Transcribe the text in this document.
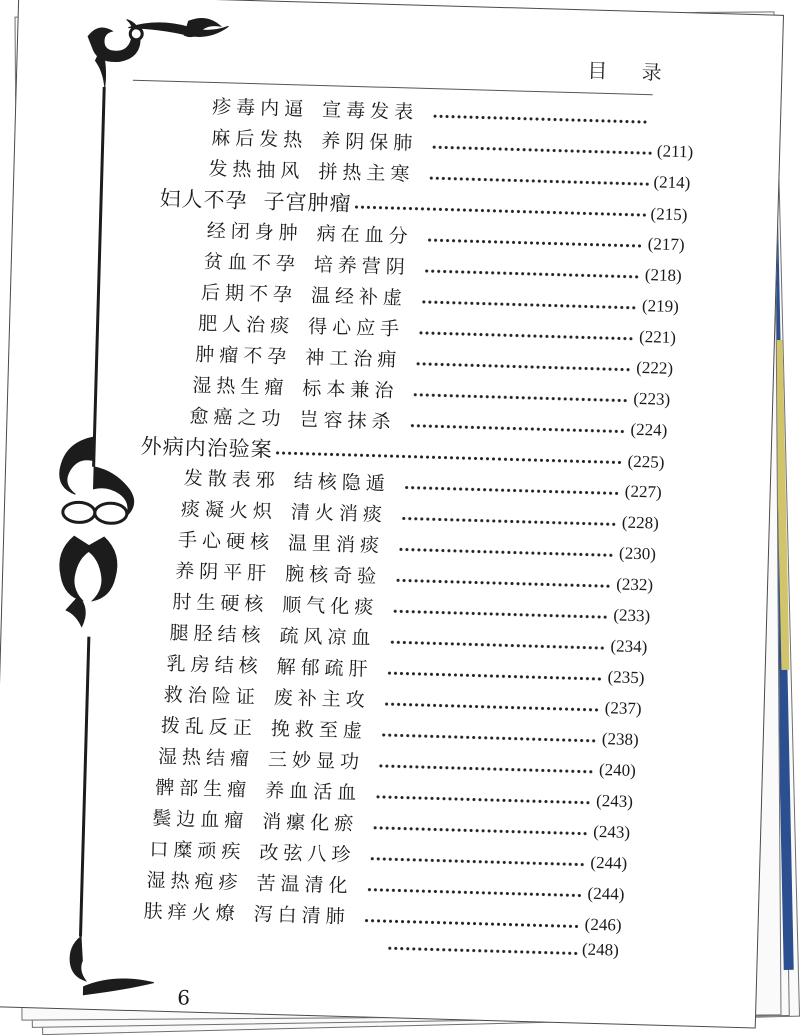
目 录
疹毒内逼 宣毒发表
麻后发热 养阴保肺	(211)
发热抽风 拼热主寒	(214)
妇人不孕 子宫肿瘤	(215)
经闭身肿 病在血分	(217)
贫血不孕 培养营阴	(218)
后期不孕 温经补虚	(219)
肥人治痰 得心应手	(221)
肿瘤不孕 神工治痈	(222)
湿热生瘤 标本兼治	(223)
愈癌之功 岂容抹杀	(224)
外病内治验案	(225)
发散表邪 结核隐遁	(227)
痰凝火炽 清火消痰	(228)
手心硬核 温里消痰	(230)
养阴平肝 腕核奇验	(232)
肘生硬核 顺气化痰	(233)
腿胫结核 疏风凉血	(234)
乳房结核 解郁疏肝	(235)
救治险证 废补主攻	(237)
拨乱反正 挽救至虚	(238)
湿热结瘤 三妙显功	(240)
髀部生瘤 养血活血	(243)
鬓边血瘤 消瘰化瘀	(243)
口糜顽疾 改弦八珍	(244)
湿热疱疹 苦温清化	(244)
肤痒火燎 泻白清肺	(246)
(248)
6
